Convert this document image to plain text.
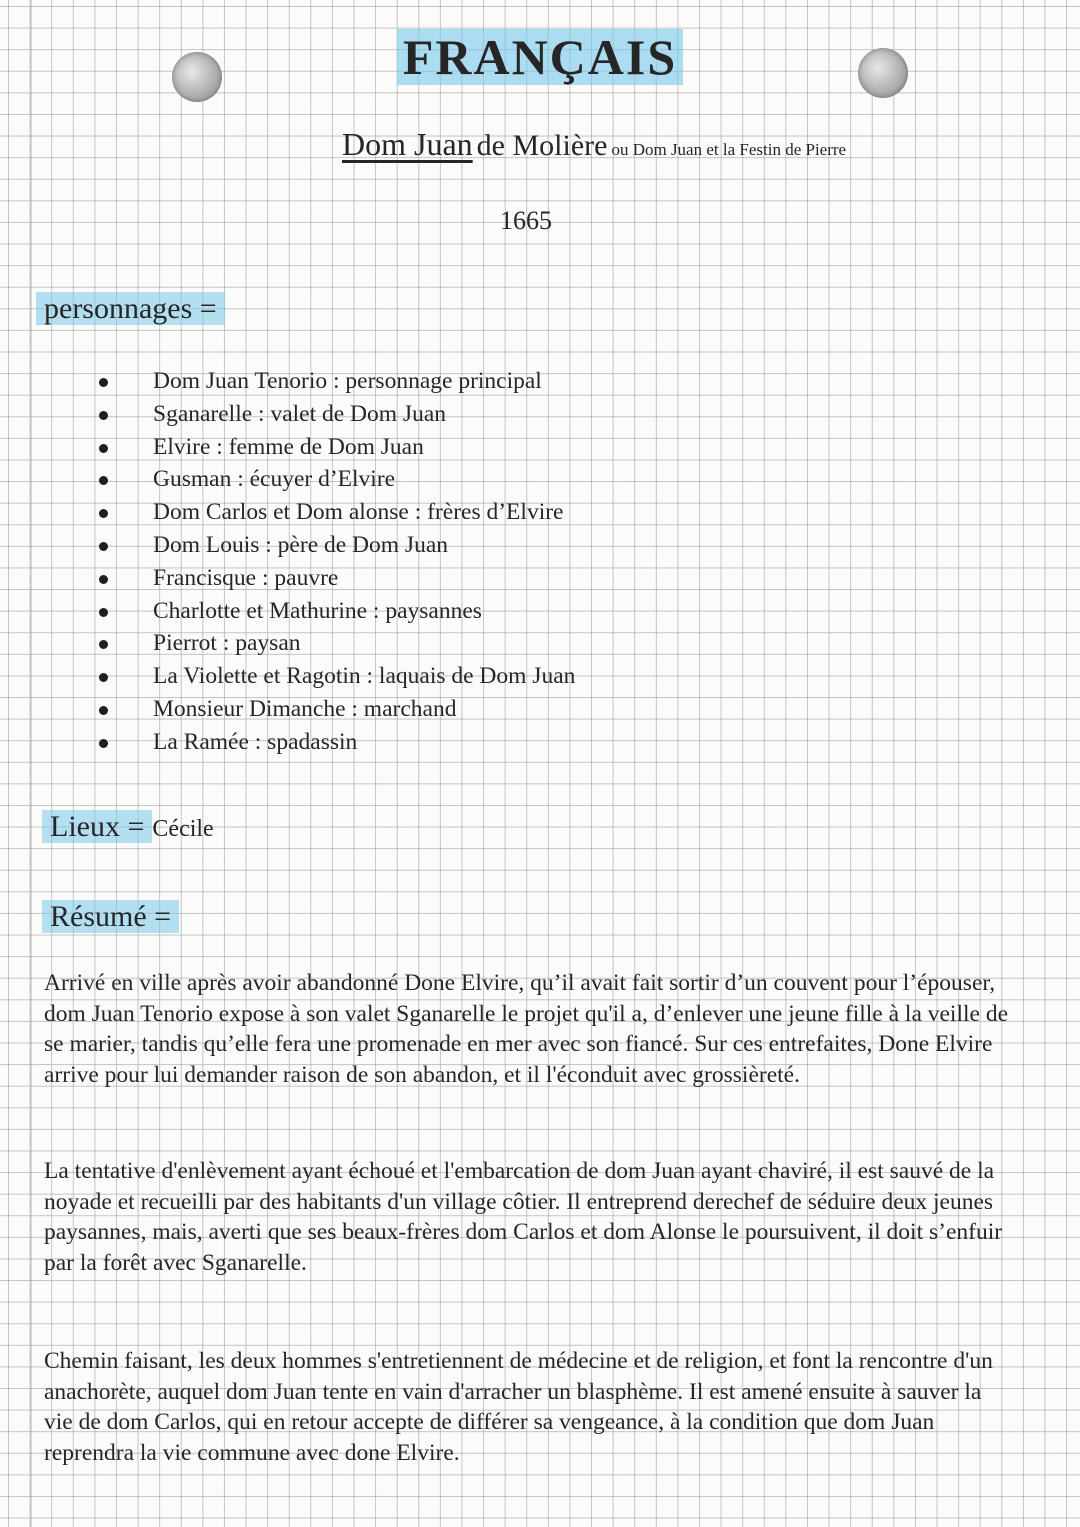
FRANÇAIS
Dom Juan de Molière ou Dom Juan et la Festin de Pierre
1665
personnages =
Dom Juan Tenorio : personnage principal
Sganarelle : valet de Dom Juan
Elvire : femme de Dom Juan
Gusman : écuyer d’Elvire
Dom Carlos et Dom alonse : frères d’Elvire
Dom Louis : père de Dom Juan
Francisque : pauvre
Charlotte et Mathurine : paysannes
Pierrot : paysan
La Violette et Ragotin : laquais de Dom Juan
Monsieur Dimanche : marchand
La Ramée : spadassin
Lieux = Cécile
Résumé =

Arrivé en ville après avoir abandonné Done Elvire, qu’il avait fait sortir d’un couvent pour l’épouser, dom Juan Tenorio expose à son valet Sganarelle le projet qu'il a, d’enlever une jeune fille à la veille de se marier, tandis qu’elle fera une promenade en mer avec son fiancé. Sur ces entrefaites, Done Elvire arrive pour lui demander raison de son abandon, et il l'éconduit avec grossièreté.

La tentative d'enlèvement ayant échoué et l'embarcation de dom Juan ayant chaviré, il est sauvé de la noyade et recueilli par des habitants d'un village côtier. Il entreprend derechef de séduire deux jeunes paysannes, mais, averti que ses beaux-frères dom Carlos et dom Alonse le poursuivent, il doit s’enfuir par la forêt avec Sganarelle.

Chemin faisant, les deux hommes s'entretiennent de médecine et de religion, et font la rencontre d'un anachorète, auquel dom Juan tente en vain d'arracher un blasphème. Il est amené ensuite à sauver la vie de dom Carlos, qui en retour accepte de différer sa vengeance, à la condition que dom Juan reprendra la vie commune avec done Elvire.
